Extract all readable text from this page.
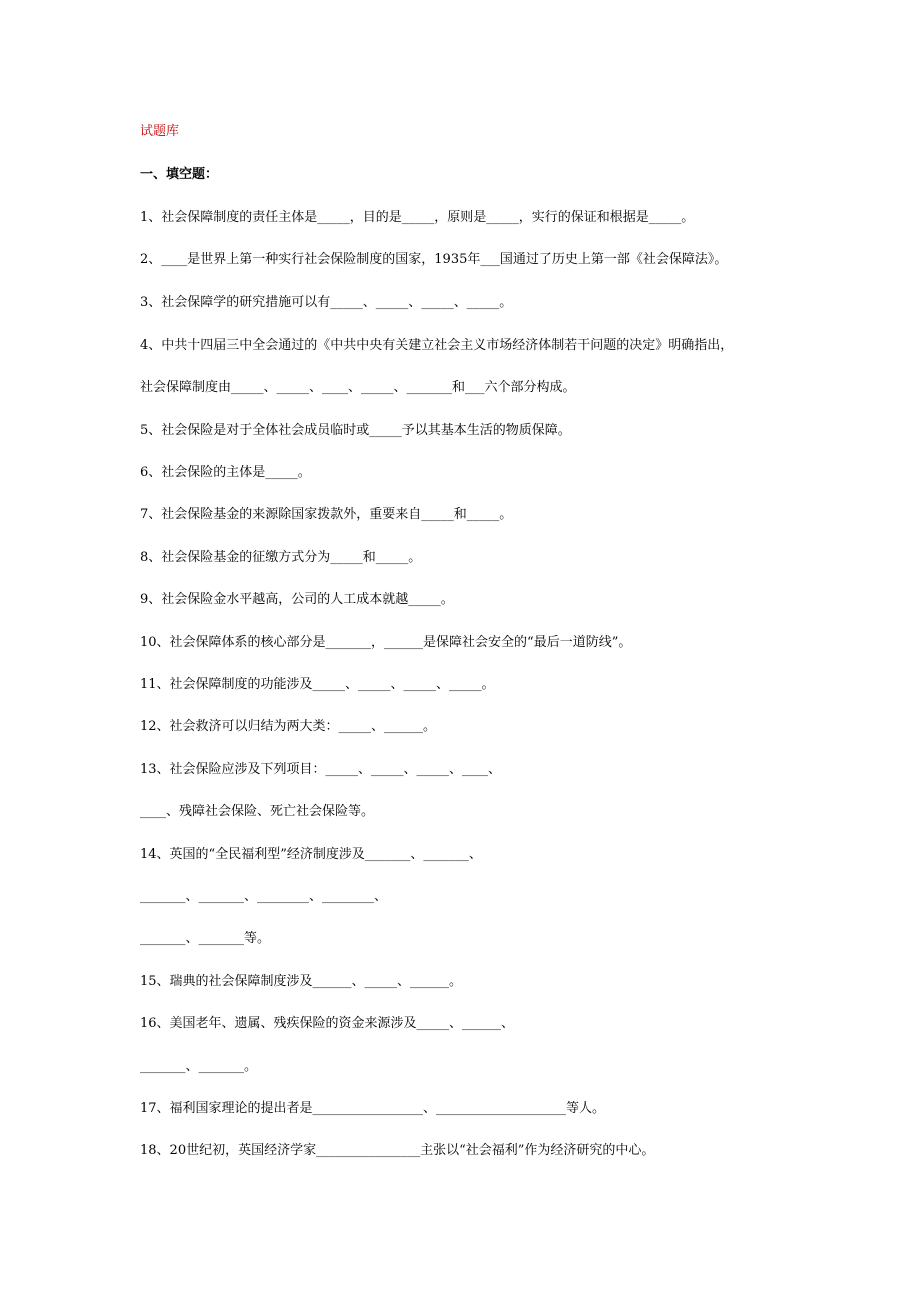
试题库
一、填空题：
1、社会保障制度的责任主体是_____，目的是_____，原则是_____，实行的保证和根据是_____。
2、____是世界上第一种实行社会保险制度的国家，1935年___国通过了历史上第一部《社会保障法》。
3、社会保障学的研究措施可以有_____、_____、_____、_____。
4、中共十四届三中全会通过的《中共中央有关建立社会主义市场经济体制若干问题的决定》明确指出，
社会保障制度由_____、_____、____、_____、_______和___六个部分构成。
5、社会保险是对于全体社会成员临时或_____予以其基本生活的物质保障。
6、社会保险的主体是_____。
7、社会保险基金的来源除国家拨款外，重要来自_____和_____。
8、社会保险基金的征缴方式分为_____和_____。
9、社会保险金水平越高，公司的人工成本就越_____。
10、社会保障体系的核心部分是_______，______是保障社会安全的“最后一道防线”。
11、社会保障制度的功能涉及_____、_____、_____、_____。
12、社会救济可以归结为两大类：_____、______。
13、社会保险应涉及下列项目：_____、_____、_____、____、
____、残障社会保险、死亡社会保险等。
14、英国的“全民福利型”经济制度涉及_______、_______、
_______、_______、________、________、
_______、_______等。
15、瑞典的社会保障制度涉及______、_____、______。
16、美国老年、遗属、残疾保险的资金来源涉及_____、______、
_______、_______。
17、福利国家理论的提出者是_________________、____________________等人。
18、20世纪初，英国经济学家________________主张以“社会福利”作为经济研究的中心。
